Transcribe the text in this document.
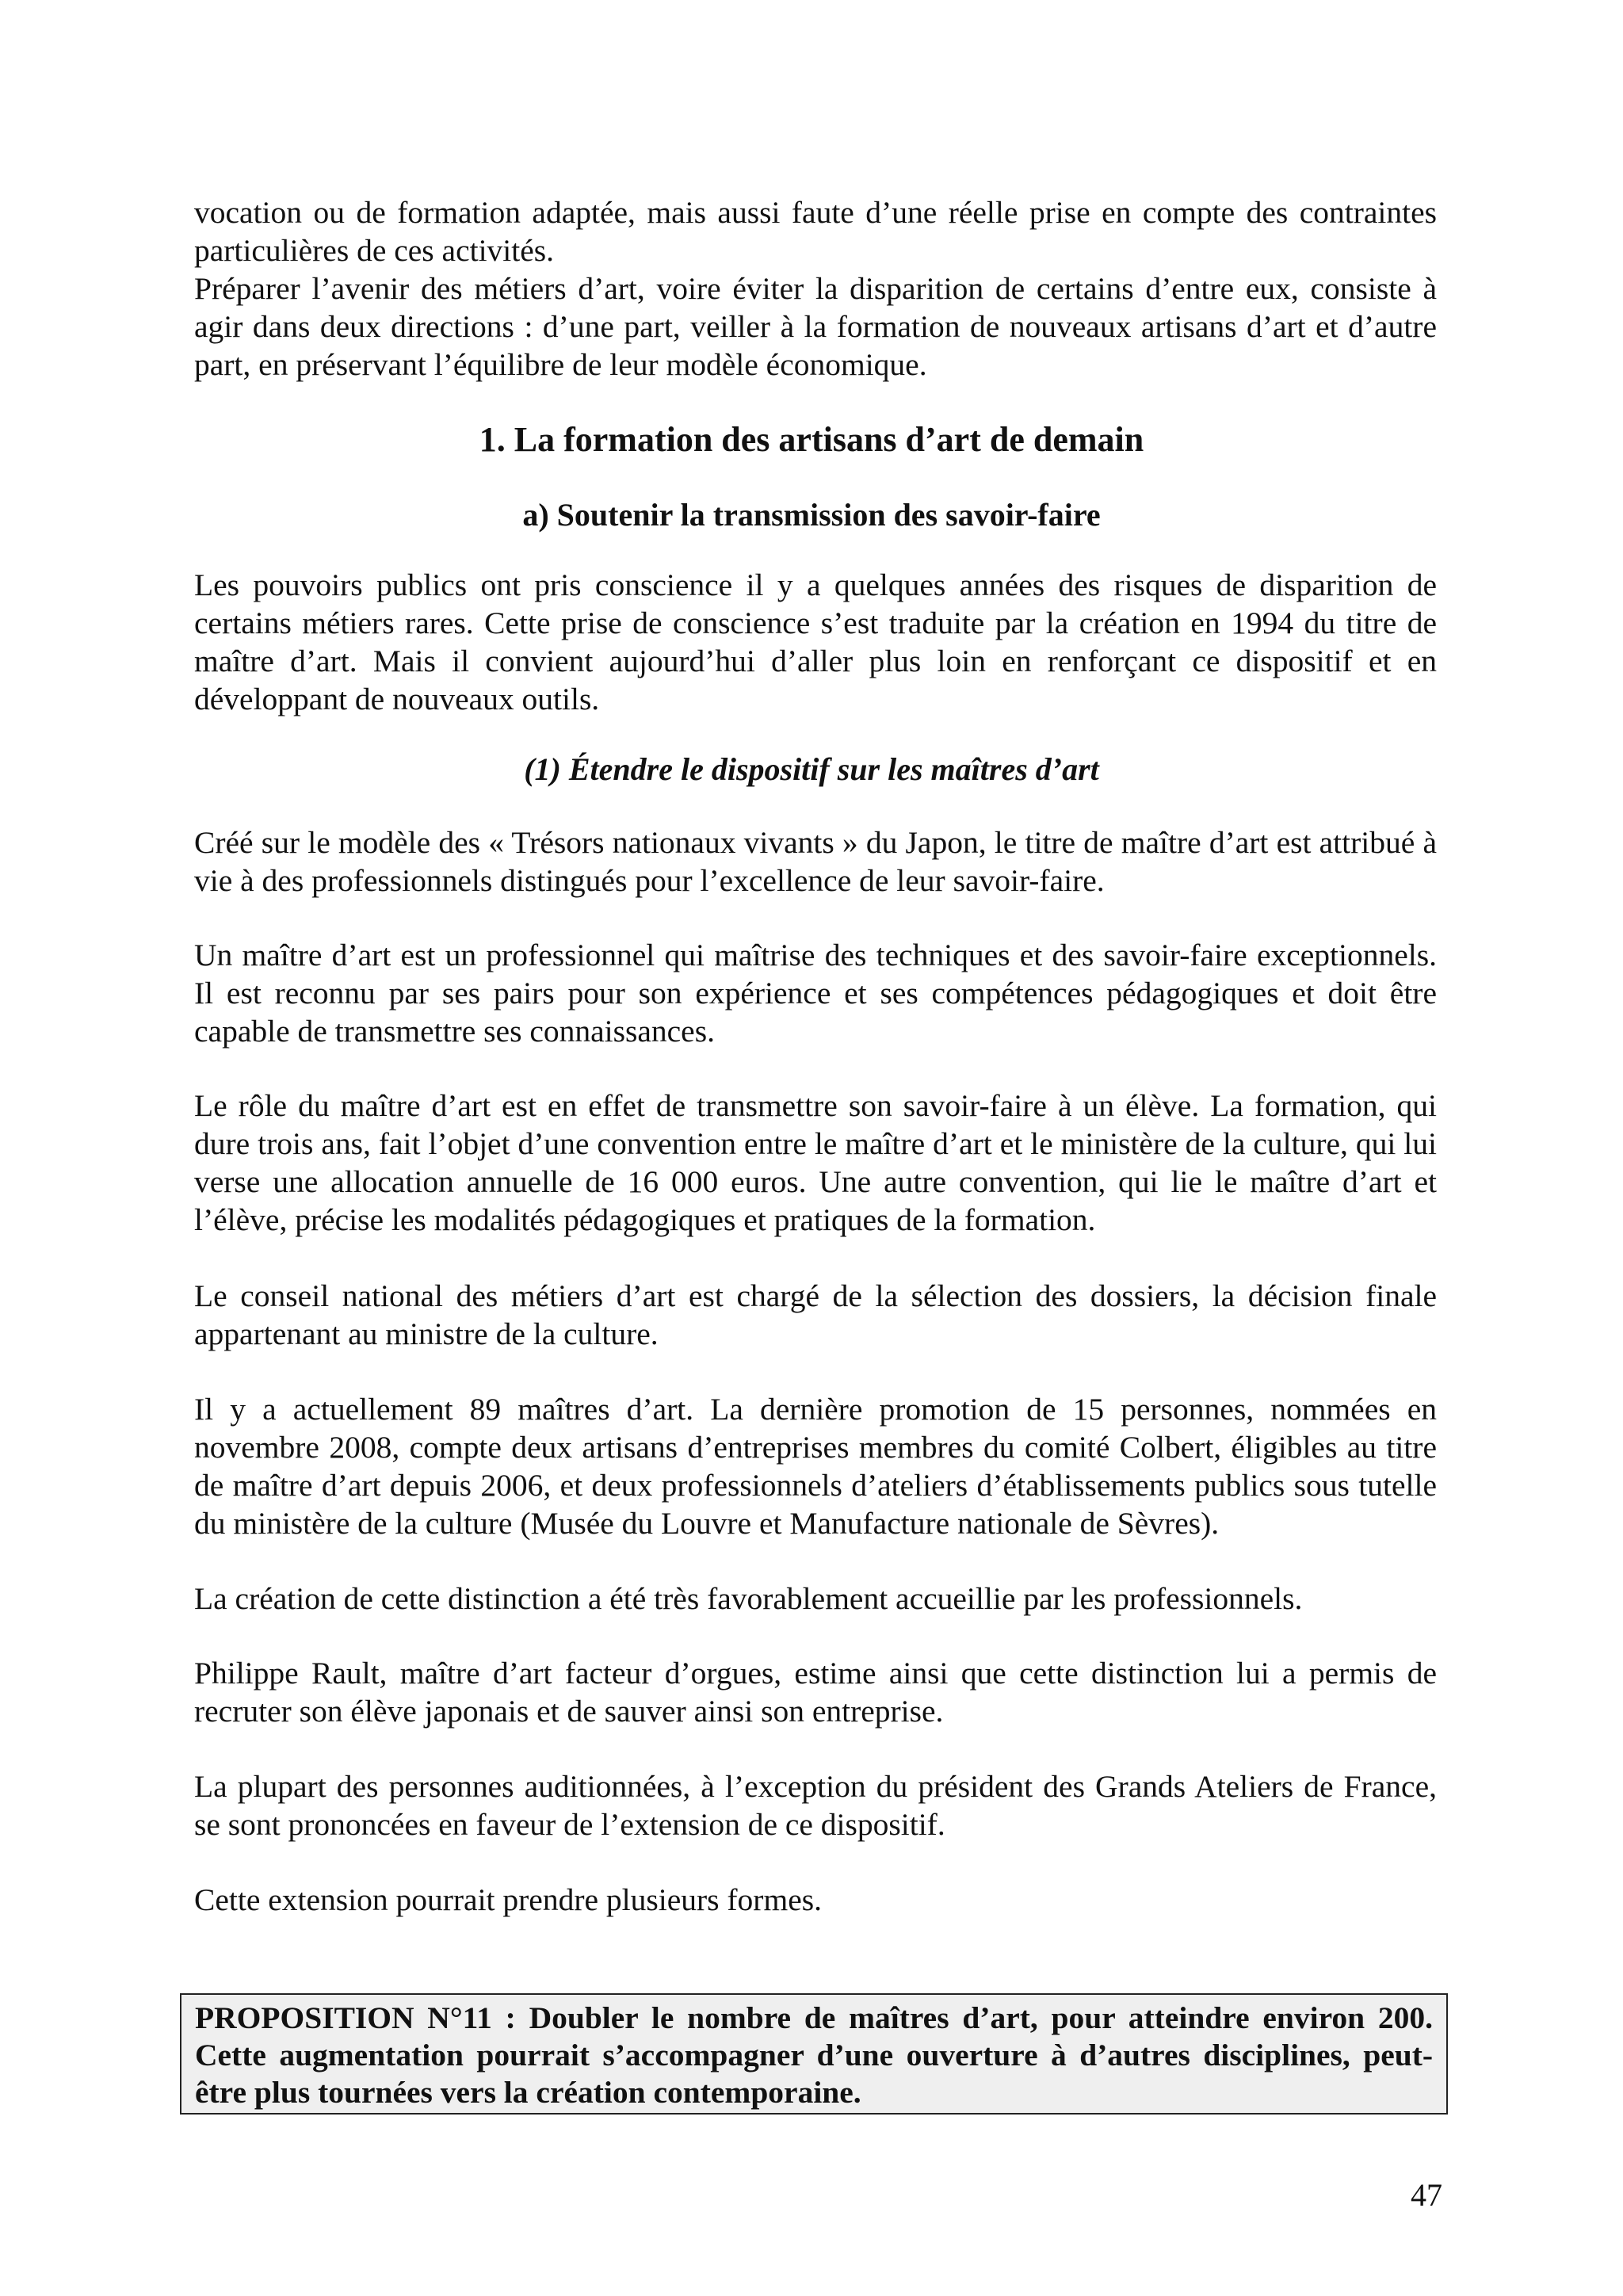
vocation ou de formation adaptée, mais aussi faute d’une réelle prise en compte des contraintes particulières de ces activités.

Préparer l’avenir des métiers d’art, voire éviter la disparition de certains d’entre eux, consiste à agir dans deux directions : d’une part, veiller à la formation de nouveaux artisans d’art et d’autre part, en préservant l’équilibre de leur modèle économique.

1. La formation des artisans d’art de demain
a) Soutenir la transmission des savoir-faire

Les pouvoirs publics ont pris conscience il y a quelques années des risques de disparition de certains métiers rares. Cette prise de conscience s’est traduite par la création en 1994 du titre de maître d’art. Mais il convient aujourd’hui d’aller plus loin en renforçant ce dispositif et en développant de nouveaux outils.

(1) Étendre le dispositif sur les maîtres d’art

Créé sur le modèle des « Trésors nationaux vivants » du Japon, le titre de maître d’art est attribué à vie à des professionnels distingués pour l’excellence de leur savoir-faire.

Un maître d’art est un professionnel qui maîtrise des techniques et des savoir-faire exceptionnels. Il est reconnu par ses pairs pour son expérience et ses compétences pédagogiques et doit être capable de transmettre ses connaissances.

Le rôle du maître d’art est en effet de transmettre son savoir-faire à un élève. La formation, qui dure trois ans, fait l’objet d’une convention entre le maître d’art et le ministère de la culture, qui lui verse une allocation annuelle de 16 000 euros. Une autre convention, qui lie le maître d’art et l’élève, précise les modalités pédagogiques et pratiques de la formation.

Le conseil national des métiers d’art est chargé de la sélection des dossiers, la décision finale appartenant au ministre de la culture.

Il y a actuellement 89 maîtres d’art. La dernière promotion de 15 personnes, nommées en novembre 2008, compte deux artisans d’entreprises membres du comité Colbert, éligibles au titre de maître d’art depuis 2006, et deux professionnels d’ateliers d’établissements publics sous tutelle du ministère de la culture (Musée du Louvre et Manufacture nationale de Sèvres).

La création de cette distinction a été très favorablement accueillie par les professionnels.

Philippe Rault, maître d’art facteur d’orgues, estime ainsi que cette distinction lui a permis de recruter son élève japonais et de sauver ainsi son entreprise.

La plupart des personnes auditionnées, à l’exception du président des Grands Ateliers de France, se sont prononcées en faveur de l’extension de ce dispositif.

Cette extension pourrait prendre plusieurs formes.

PROPOSITION N°11 : Doubler le nombre de maîtres d’art, pour atteindre environ 200. Cette augmentation pourrait s’accompagner d’une ouverture à d’autres disciplines, peut- être plus tournées vers la création contemporaine.

47
